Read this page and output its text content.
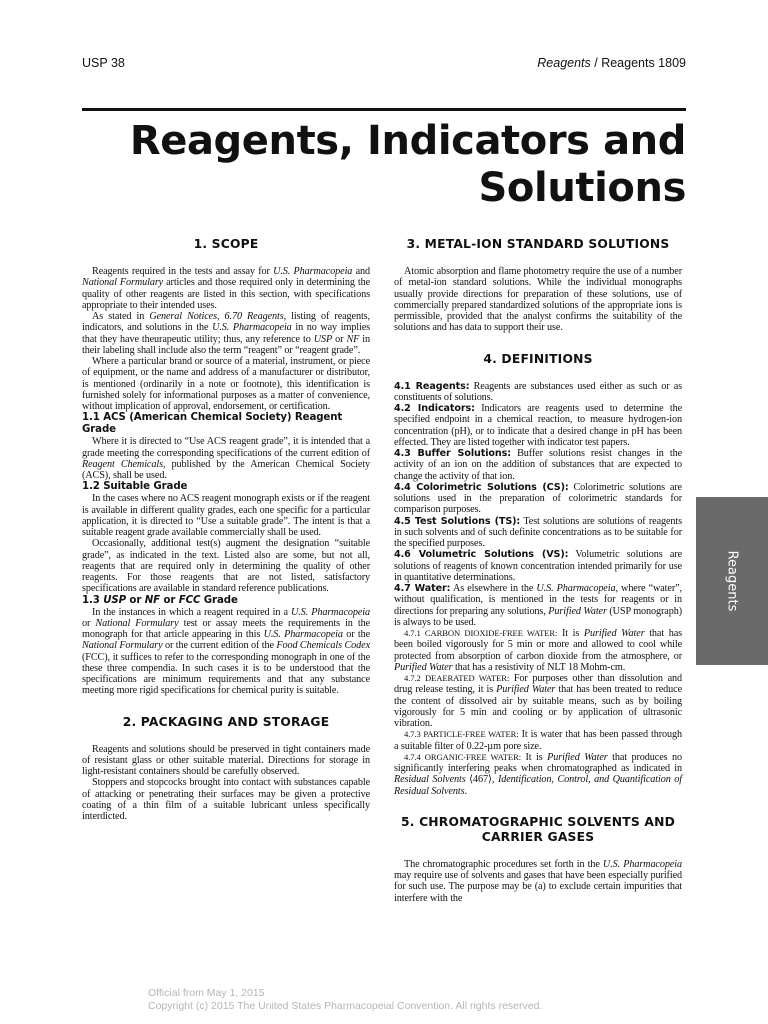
USP 38	Reagents / Reagents 1809
Reagents, Indicators and
Solutions
1. SCOPE

Reagents required in the tests and assay for U.S. Pharmacopeia and National Formulary articles and those required only in determining the quality of other reagents are listed in this section, with specifications appropriate to their intended uses.

As stated in General Notices, 6.70 Reagents, listing of reagents, indicators, and solutions in the U.S. Pharmacopeia in no way implies that they have theurapeutic utility; thus, any reference to USP or NF in their labeling shall include also the term “reagent” or “reagent grade”.

Where a particular brand or source of a material, instrument, or piece of equipment, or the name and address of a manufacturer or distributor, is mentioned (ordinarily in a note or footnote), this identification is furnished solely for informational purposes as a matter of convenience, without implication of approval, endorsement, or certification.

1.1 ACS (American Chemical Society) Reagent Grade

Where it is directed to “Use ACS reagent grade”, it is intended that a grade meeting the corresponding specifications of the current edition of Reagent Chemicals, published by the American Chemical Society (ACS), shall be used.

1.2 Suitable Grade

In the cases where no ACS reagent monograph exists or if the reagent is available in different quality grades, each one specific for a particular application, it is directed to “Use a suitable grade”. The intent is that a suitable reagent grade available commercially shall be used.

Occasionally, additional test(s) augment the designation “suitable grade”, as indicated in the text. Listed also are some, but not all, reagents that are required only in determining the quality of other reagents. For those reagents that are not listed, satisfactory specifications are available in standard reference publications.

1.3 USP or NF or FCC Grade

In the instances in which a reagent required in a U.S. Pharmacopeia or National Formulary test or assay meets the requirements in the monograph for that article appearing in this U.S. Pharmacopeia or the National Formulary or the current edition of the Food Chemicals Codex (FCC), it suffices to refer to the corresponding monograph in one of the these three compendia. In such cases it is to be understood that the specifications are minimum requirements and that any substance meeting more rigid specifications for chemical purity is suitable.

2. PACKAGING AND STORAGE

Reagents and solutions should be preserved in tight containers made of resistant glass or other suitable material. Directions for storage in light-resistant containers should be carefully observed.

Stoppers and stopcocks brought into contact with substances capable of attacking or penetrating their surfaces may be given a protective coating of a thin film of a suitable lubricant unless specifically interdicted.

3. METAL-ION STANDARD SOLUTIONS

Atomic absorption and flame photometry require the use of a number of metal-ion standard solutions. While the individual monographs usually provide directions for preparation of these solutions, use of commercially prepared standardized solutions of the appropriate ions is permissible, provided that the analyst confirms the suitability of the solutions and has data to support their use.

4. DEFINITIONS

4.1 Reagents: Reagents are substances used either as such or as constituents of solutions.

4.2 Indicators: Indicators are reagents used to determine the specified endpoint in a chemical reaction, to measure hydrogen-ion concentration (pH), or to indicate that a desired change in pH has been effected. They are listed together with indicator test papers.

4.3 Buffer Solutions: Buffer solutions resist changes in the activity of an ion on the addition of substances that are expected to change the activity of that ion.

4.4 Colorimetric Solutions (CS): Colorimetric solutions are solutions used in the preparation of colorimetric standards for comparison purposes.

4.5 Test Solutions (TS): Test solutions are solutions of reagents in such solvents and of such definite concentrations as to be suitable for the specified purposes.

4.6 Volumetric Solutions (VS): Volumetric solutions are solutions of reagents of known concentration intended primarily for use in quantitative determinations.

4.7 Water: As elsewhere in the U.S. Pharmacopeia, where “water”, without qualification, is mentioned in the tests for reagents or in directions for preparing any solutions, Purified Water (USP monograph) is always to be used.

4.7.1 CARBON DIOXIDE-FREE WATER: It is Purified Water that has been boiled vigorously for 5 min or more and allowed to cool while protected from absorption of carbon dioxide from the atmosphere, or Purified Water that has a resistivity of NLT 18 Mohm-cm.

4.7.2 DEAERATED WATER: For purposes other than dissolution and drug release testing, it is Purified Water that has been treated to reduce the content of dissolved air by suitable means, such as by boiling vigorously for 5 min and cooling or by application of ultrasonic vibration.

4.7.3 PARTICLE-FREE WATER: It is water that has been passed through a suitable filter of 0.22-µm pore size.

4.7.4 ORGANIC-FREE WATER: It is Purified Water that produces no significantly interfering peaks when chromatographed as indicated in Residual Solvents ⟨467⟩, Identification, Control, and Quantification of Residual Solvents.

5. CHROMATOGRAPHIC SOLVENTS AND
CARRIER GASES

The chromatographic procedures set forth in the U.S. Pharmacopeia may require use of solvents and gases that have been especially purified for such use. The purpose may be (a) to exclude certain impurities that interfere with the

Reagents
Official from May 1, 2015
Copyright (c) 2015 The United States Pharmacopeial Convention. All rights reserved.
